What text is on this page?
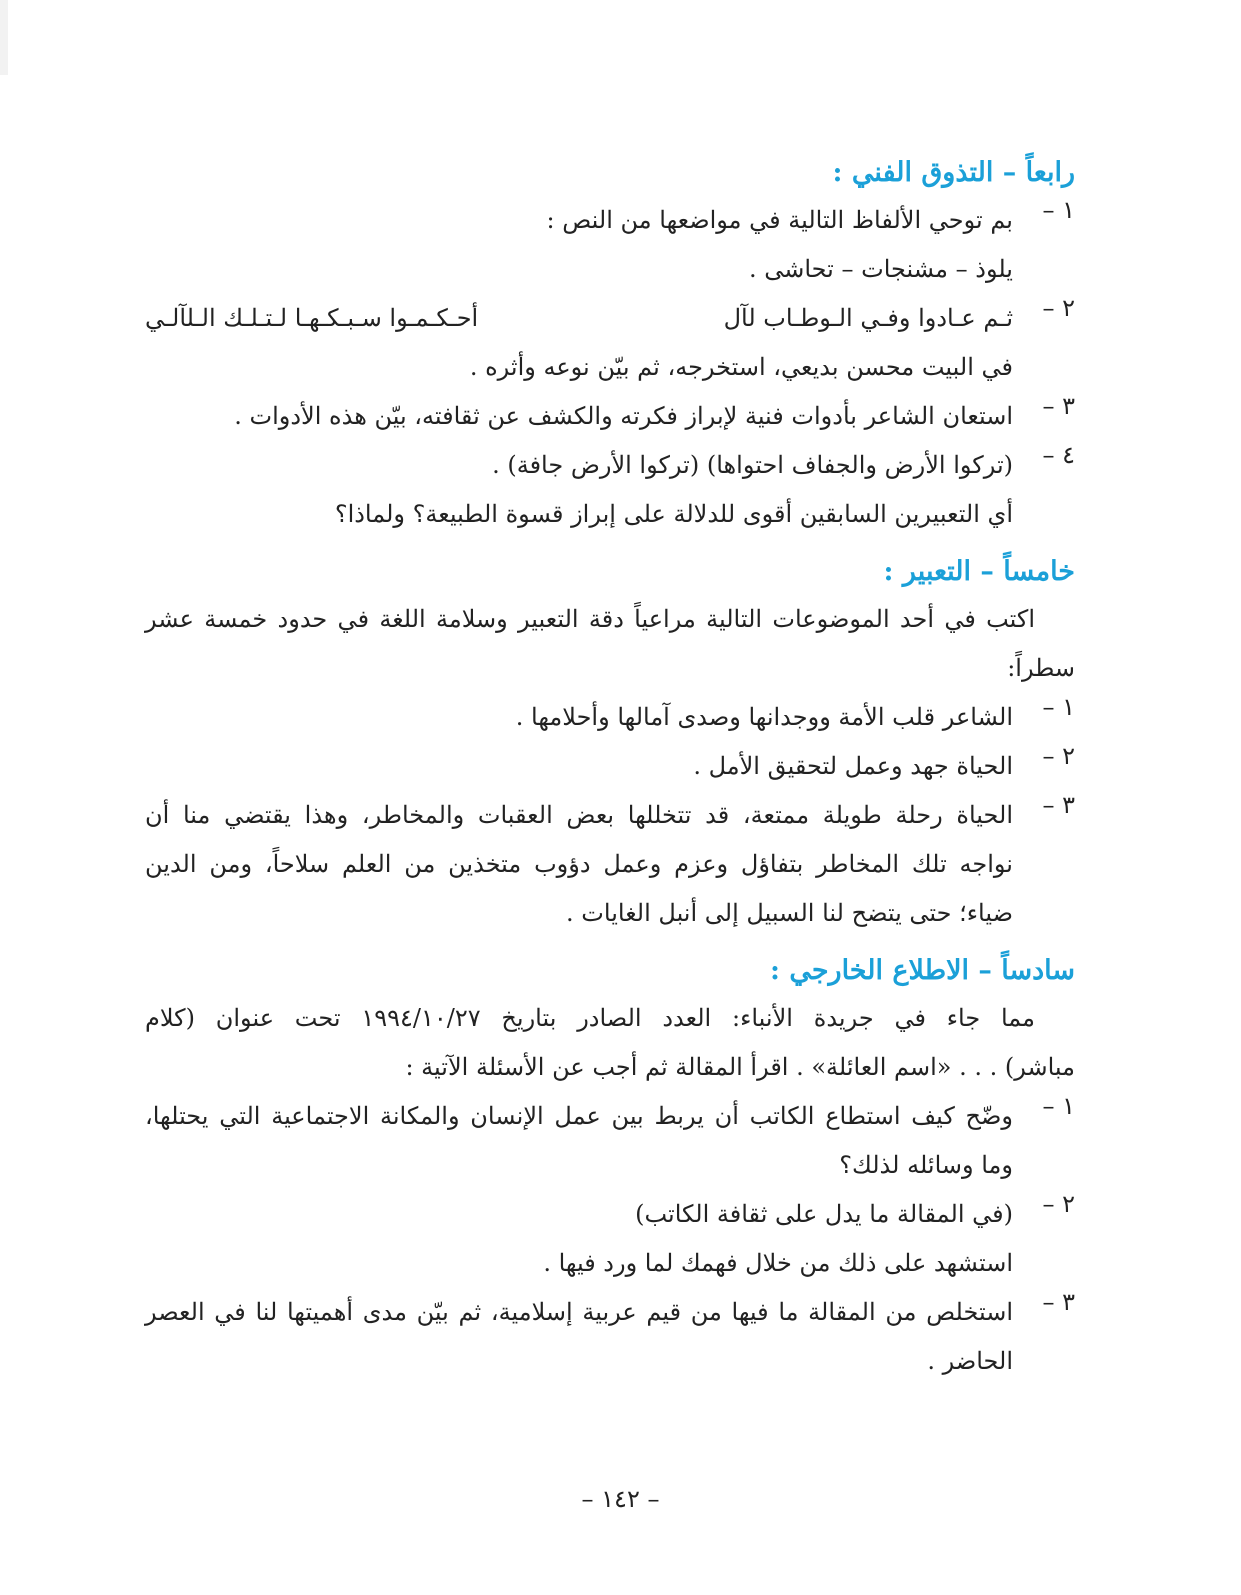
رابعاً – التذوق الفني :
١ –
بم توحي الألفاظ التالية في مواضعها من النص :
يلوذ – مشنجات – تحاشى .
٢ –
ثـم عـادوا وفـي الـوطـاب لآل
أحـكـمـوا سـبـكـهـا لـتـلـك الـلآلـي
في البيت محسن بديعي، استخرجه، ثم بيّن نوعه وأثره .
٣ –
استعان الشاعر بأدوات فنية لإبراز فكرته والكشف عن ثقافته، بيّن هذه الأدوات .
٤ –
(تركوا الأرض والجفاف احتواها) (تركوا الأرض جافة) .
أي التعبيرين السابقين أقوى للدلالة على إبراز قسوة الطبيعة؟ ولماذا؟
خامساً – التعبير :
اكتب في أحد الموضوعات التالية مراعياً دقة التعبير وسلامة اللغة في حدود خمسة عشر
سطراً:
١ –
الشاعر قلب الأمة ووجدانها وصدى آمالها وأحلامها .
٢ –
الحياة جهد وعمل لتحقيق الأمل .
٣ –
الحياة رحلة طويلة ممتعة، قد تتخللها بعض العقبات والمخاطر، وهذا يقتضي منا أن
نواجه تلك المخاطر بتفاؤل وعزم وعمل دؤوب متخذين من العلم سلاحاً، ومن الدين
ضياء؛ حتى يتضح لنا السبيل إلى أنبل الغايات .
سادساً – الاطلاع الخارجي :
مما جاء في جريدة الأنباء: العدد الصادر بتاريخ ١٩٩٤/١٠/٢٧ تحت عنوان (كلام
مباشر) . . . «اسم العائلة» . اقرأ المقالة ثم أجب عن الأسئلة الآتية :
١ –
وضّح كيف استطاع الكاتب أن يربط بين عمل الإنسان والمكانة الاجتماعية التي يحتلها،
وما وسائله لذلك؟
٢ –
(في المقالة ما يدل على ثقافة الكاتب)
استشهد على ذلك من خلال فهمك لما ورد فيها .
٣ –
استخلص من المقالة ما فيها من قيم عربية إسلامية، ثم بيّن مدى أهميتها لنا في العصر
الحاضر .
– ١٤٢ –
